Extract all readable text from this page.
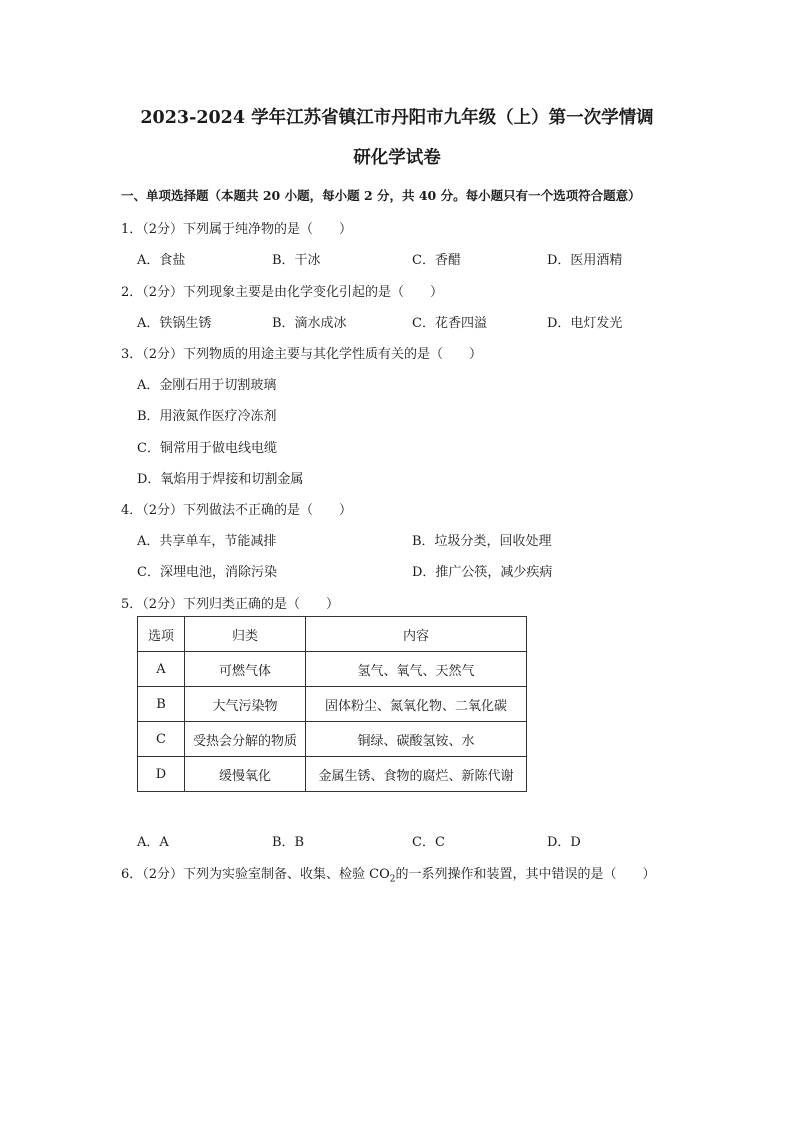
2023-2024 学年江苏省镇江市丹阳市九年级（上）第一次学情调
研化学试卷
一、单项选择题（本题共 20 小题，每小题 2 分，共 40 分。每小题只有一个选项符合题意）
1．（2分）下列属于纯净物的是（　　）
A．食盐	B．干冰	C．香醋	D．医用酒精
2．（2分）下列现象主要是由化学变化引起的是（　　）
A．铁锅生锈	B．滴水成冰	C．花香四溢	D．电灯发光
3．（2分）下列物质的用途主要与其化学性质有关的是（　　）
A．金刚石用于切割玻璃
B．用液氮作医疗冷冻剂
C．铜常用于做电线电缆
D．氧焰用于焊接和切割金属
4．（2分）下列做法不正确的是（　　）
A．共享单车，节能减排	B．垃圾分类，回收处理
C．深埋电池，消除污染	D．推广公筷，减少疾病
5．（2分）下列归类正确的是（　　）
选项	归类	内容
A	可燃气体	氢气、氧气、天然气
B	大气污染物	固体粉尘、氮氧化物、二氧化碳
C	受热会分解的物质	铜绿、碳酸氢铵、水
D	缓慢氧化	金属生锈、食物的腐烂、新陈代谢
A．A	B．B	C．C	D．D
6．（2分）下列为实验室制备、收集、检验 $CO_2$的一系列操作和装置，其中错误的是（　　）
